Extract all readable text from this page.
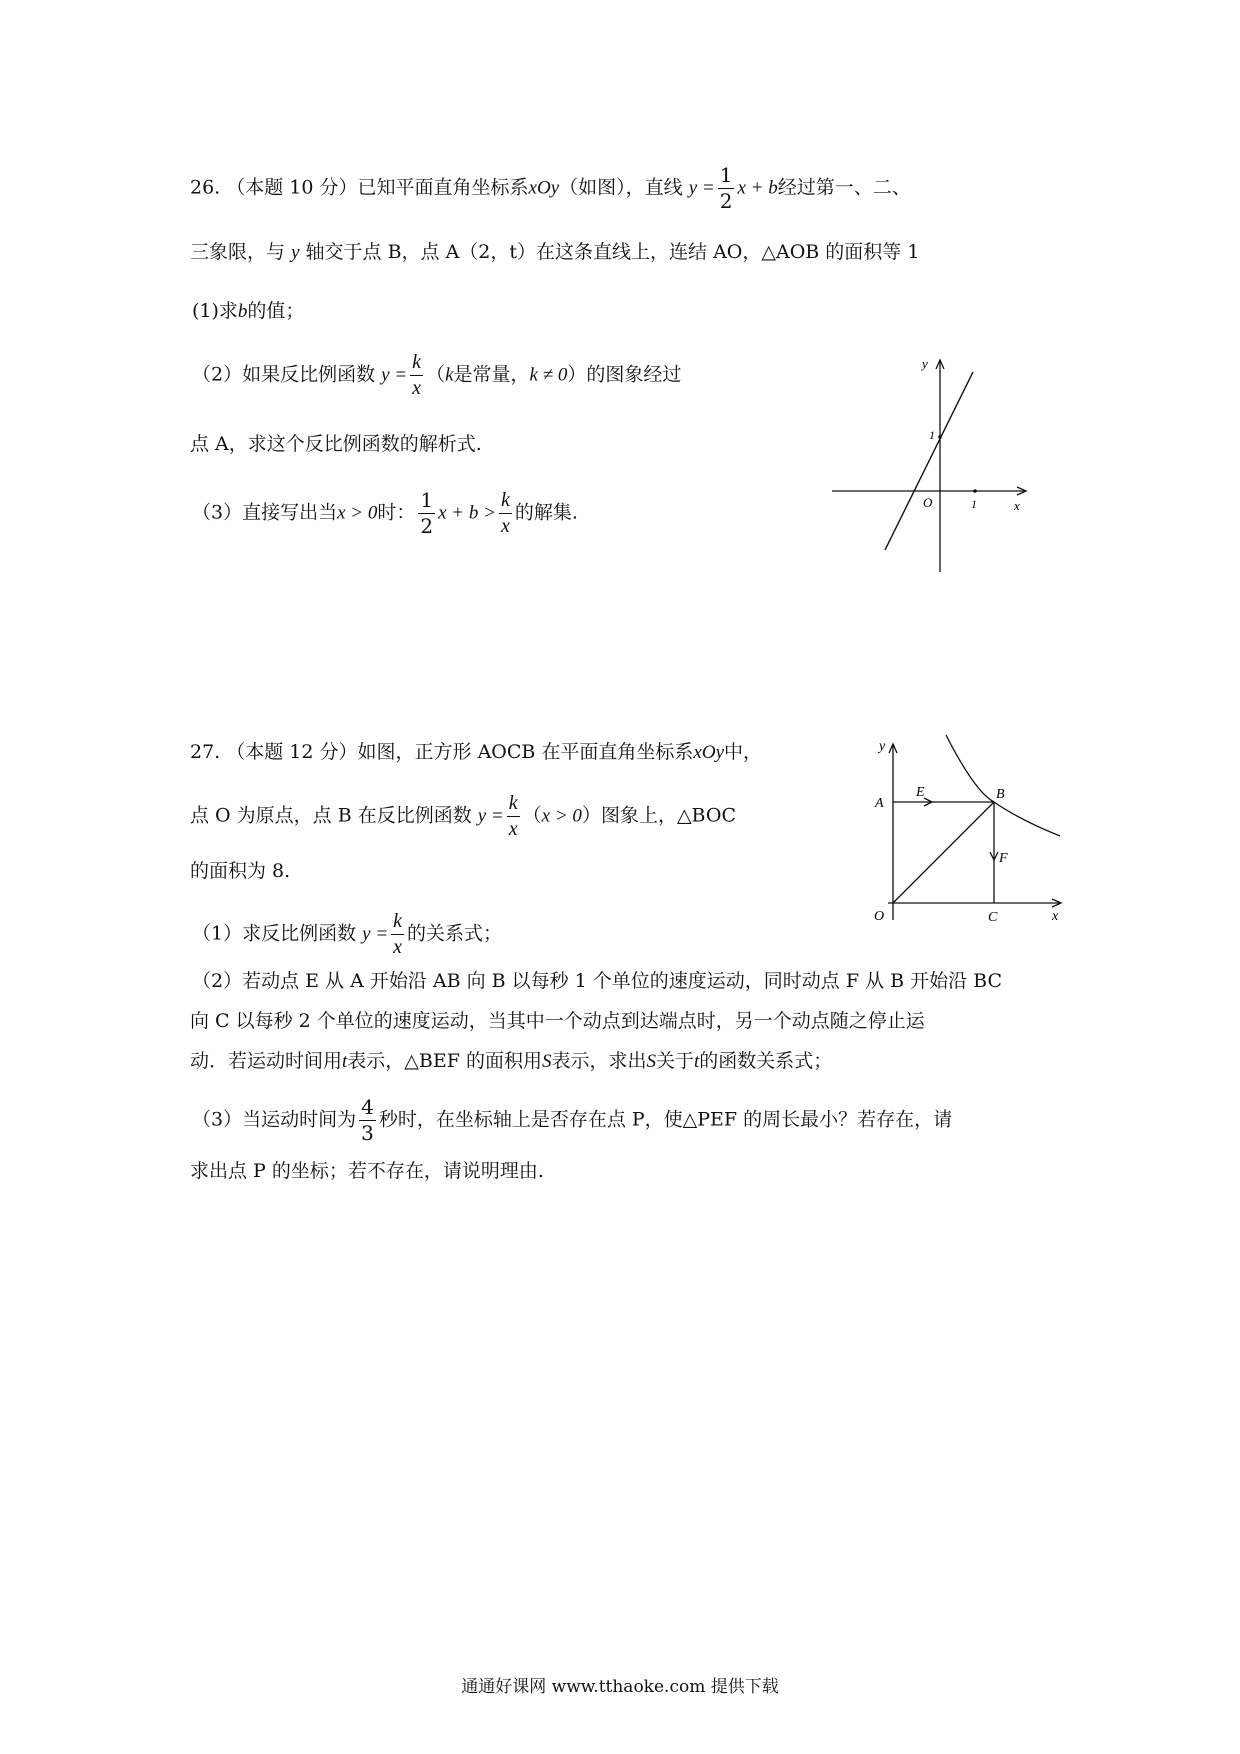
26. （本题 10 分）已知平面直角坐标系xOy（如图），直线 $y = \frac{1}{2}$ x + b经过第一、二、
三象限，与 y 轴交于点 B，点 A（2，t）在这条直线上，连结 AO，△AOB 的面积等 1
(1)求b的值；
（2）如果反比例函数 $y = \frac{k}{x} (k$是常量，k ≠ 0）的图象经过
点 A，求这个反比例函数的解析式.
（3）直接写出当x > 0时： $\frac{1}{2}$ $x + b > \frac{k}{x}$ 的解集.
y
x
O
1
1
27. （本题 12 分）如图，正方形 AOCB 在平面直角坐标系xOy中，
点 O 为原点，点 B 在反比例函数 $y = \frac{k}{x} (x > 0)$图象上，△BOC
的面积为 8.
（1）求反比例函数 $y = \frac{k}{x}$ 的关系式；
（2）若动点 E 从 A 开始沿 AB 向 B 以每秒 1 个单位的速度运动，同时动点 F 从 B 开始沿 BC
向 C 以每秒 2 个单位的速度运动，当其中一个动点到达端点时，另一个动点随之停止运
动．若运动时间用t表示，△BEF 的面积用S表示，求出S关于t的函数关系式；
（3）当运动时间为 $\frac{4}{3}$ 秒时，在坐标轴上是否存在点 P，使△PEF 的周长最小？若存在，请
求出点 P 的坐标；若不存在，请说明理由.
y
x
O
A
B
C
E
F
通通好课网 www.tthaoke.com 提供下载
